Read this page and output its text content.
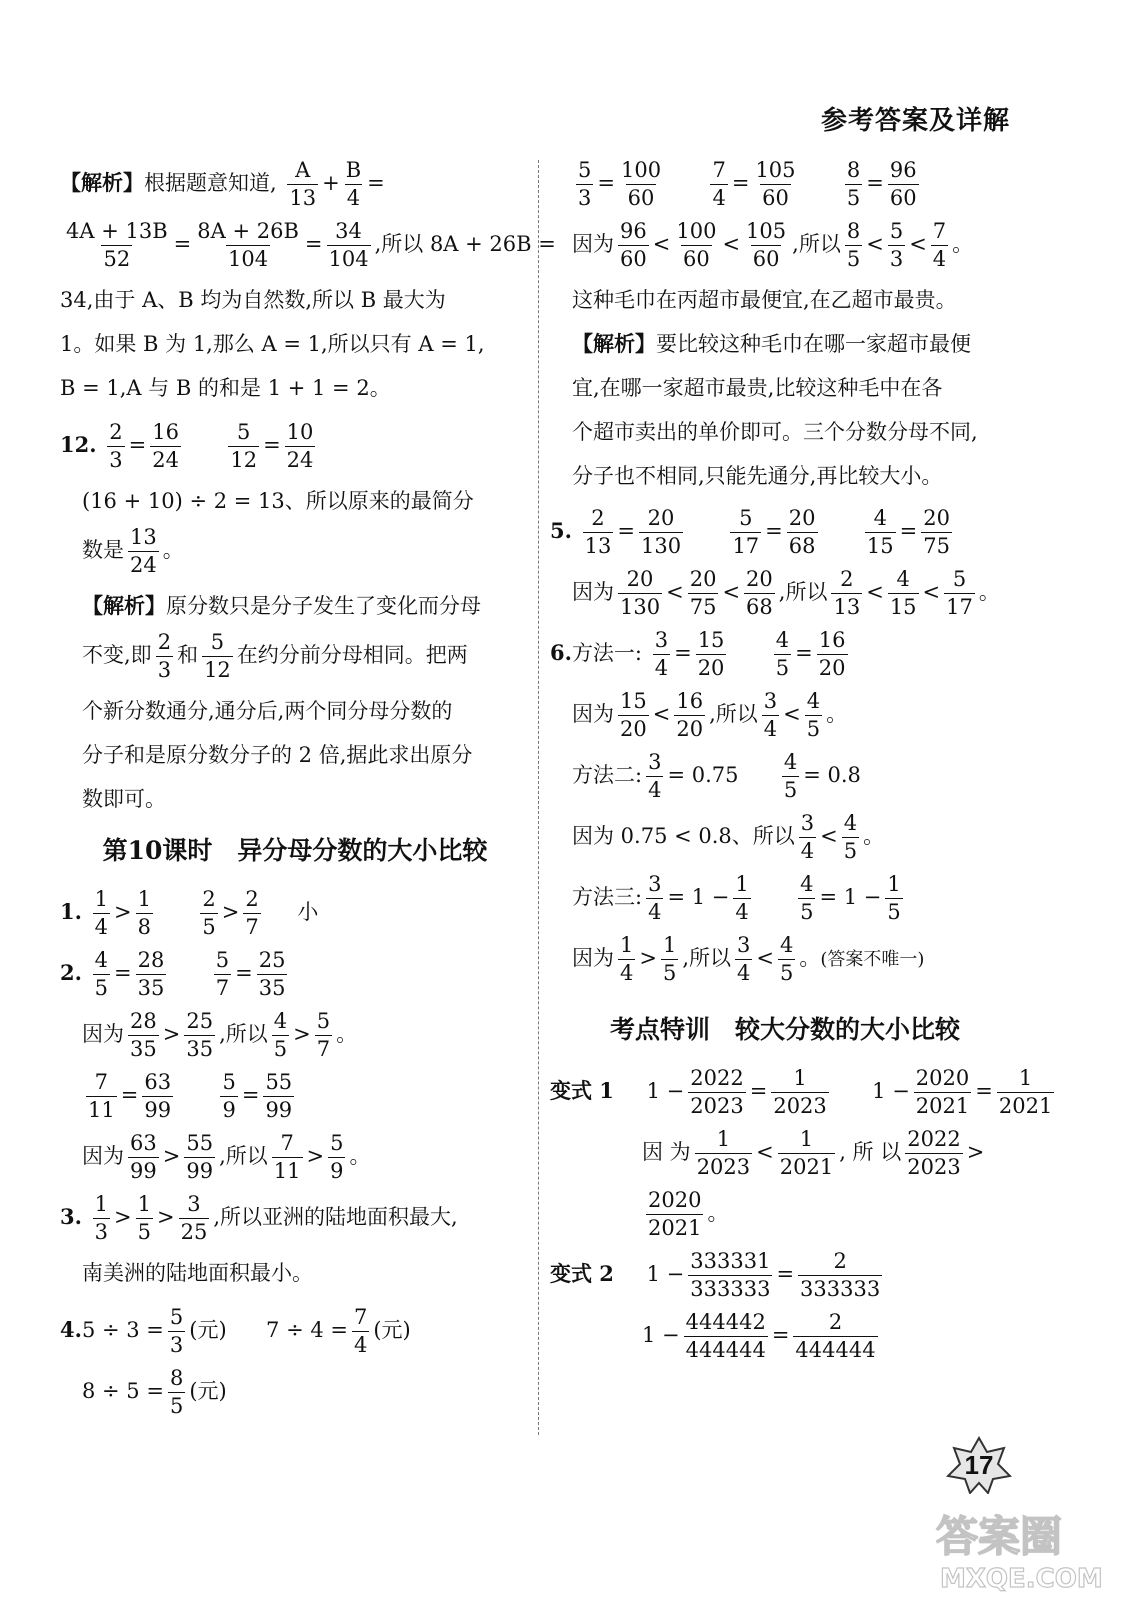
参考答案及详解
【解析】根据题意知道, $\frac{A}{13} + \frac{B}{4}$ =
$\frac{4A + 13B}{52} = \frac{8A + 26B}{104} = \frac{34}{104}$ ,所以 8A + 26B =
34,由于 A、B 均为自然数,所以 B 最大为
1。如果 B 为 1,那么 A = 1,所以只有 A = 1,
B = 1,A 与 B 的和是 1 + 1 = 2。
12. $\frac{2}{3} = \frac{16}{24}$
$\frac{5}{12} = \frac{10}{24}$
(16 + 10) ÷ 2 = 13、所以原来的最简分
数是 $\frac{13}{24}$ 。
【解析】原分数只是分子发生了变化而分母
不变,即 $\frac{2}{3}$ 和 $\frac{5}{12}$ 在约分前分母相同。把两
个新分数通分,通分后,两个同分母分数的
分子和是原分数分子的 2 倍,据此求出原分
数即可。
第10课时　异分母分数的大小比较
1. $\frac{1}{4} > \frac{1}{8}$
$\frac{2}{5} > \frac{2}{7}$ 小
2. $\frac{4}{5} = \frac{28}{35}$
$\frac{5}{7} = \frac{25}{35}$
因为 $\frac{28}{35} > \frac{25}{35}$ ,所以 $\frac{4}{5} > \frac{5}{7}$ 。
$\frac{7}{11} = \frac{63}{99}$
$\frac{5}{9} = \frac{55}{99}$
因为 $\frac{63}{99} > \frac{55}{99}$ ,所以 $\frac{7}{11} > \frac{5}{9}$ 。
3. $\frac{1}{3} > \frac{1}{5} > \frac{3}{25}$ ,所以亚洲的陆地面积最大,
南美洲的陆地面积最小。
$4.5 \div 3 = \frac{5}{3}$ (元) $7 \div 4 = \frac{7}{4}$ (元)
$8 \div 5 = \frac{8}{5}$ (元)
$\frac{5}{3} = \frac{100}{60}$
$\frac{7}{4} = \frac{105}{60}$
$\frac{8}{5} = \frac{96}{60}$
因为 $\frac{96}{60} < \frac{100}{60} < \frac{105}{60}$ ,所以 $\frac{8}{5} < \frac{5}{3} < \frac{7}{4}$ 。
这种毛巾在丙超市最便宜,在乙超市最贵。
【解析】要比较这种毛巾在哪一家超市最便
宜,在哪一家超市最贵,比较这种毛中在各
个超市卖出的单价即可。三个分数分母不同,
分子也不相同,只能先通分,再比较大小。
5. $\frac{2}{13} = \frac{20}{130}$
$\frac{5}{17} = \frac{20}{68}$
$\frac{4}{15} = \frac{20}{75}$
因为 $\frac{20}{130} < \frac{20}{75} < \frac{20}{68}$ ,所以 $\frac{2}{13} < \frac{4}{15} < \frac{5}{17}$ 。
6.方法一: $\frac{3}{4} = \frac{15}{20}$
$\frac{4}{5} = \frac{16}{20}$
因为 $\frac{15}{20} < \frac{16}{20}$ ,所以 $\frac{3}{4} < \frac{4}{5}$ 。
方法二: $\frac{3}{4} = 0.75 \frac{4}{5} = 0.8$
因为 0.75 < 0.8、所以 $\frac{3}{4} < \frac{4}{5}$ 。
方法三: $\frac{3}{4} = 1 - \frac{1}{4}$
$\frac{4}{5} = 1 - \frac{1}{5}$
因为 $\frac{1}{4} > \frac{1}{5}$ ,所以 $\frac{3}{4} < \frac{4}{5}$ 。(答案不唯一)
考点特训　较大分数的大小比较
变式 1 $1 - \frac{2022}{2023} = \frac{1}{2023} 1 - \frac{2020}{2021} = \frac{1}{2021}$
因 为 $\frac{1}{2023} < \frac{1}{2021}$ , 所 以 $\frac{2022}{2023}$ >
$\frac{2020}{2021}$ 。
变式 2 $1 - \frac{333331}{333333} = \frac{2}{333333}$
$1 - \frac{444442}{444444} = \frac{2}{444444}$
17
答案圈
MXQE.COM
